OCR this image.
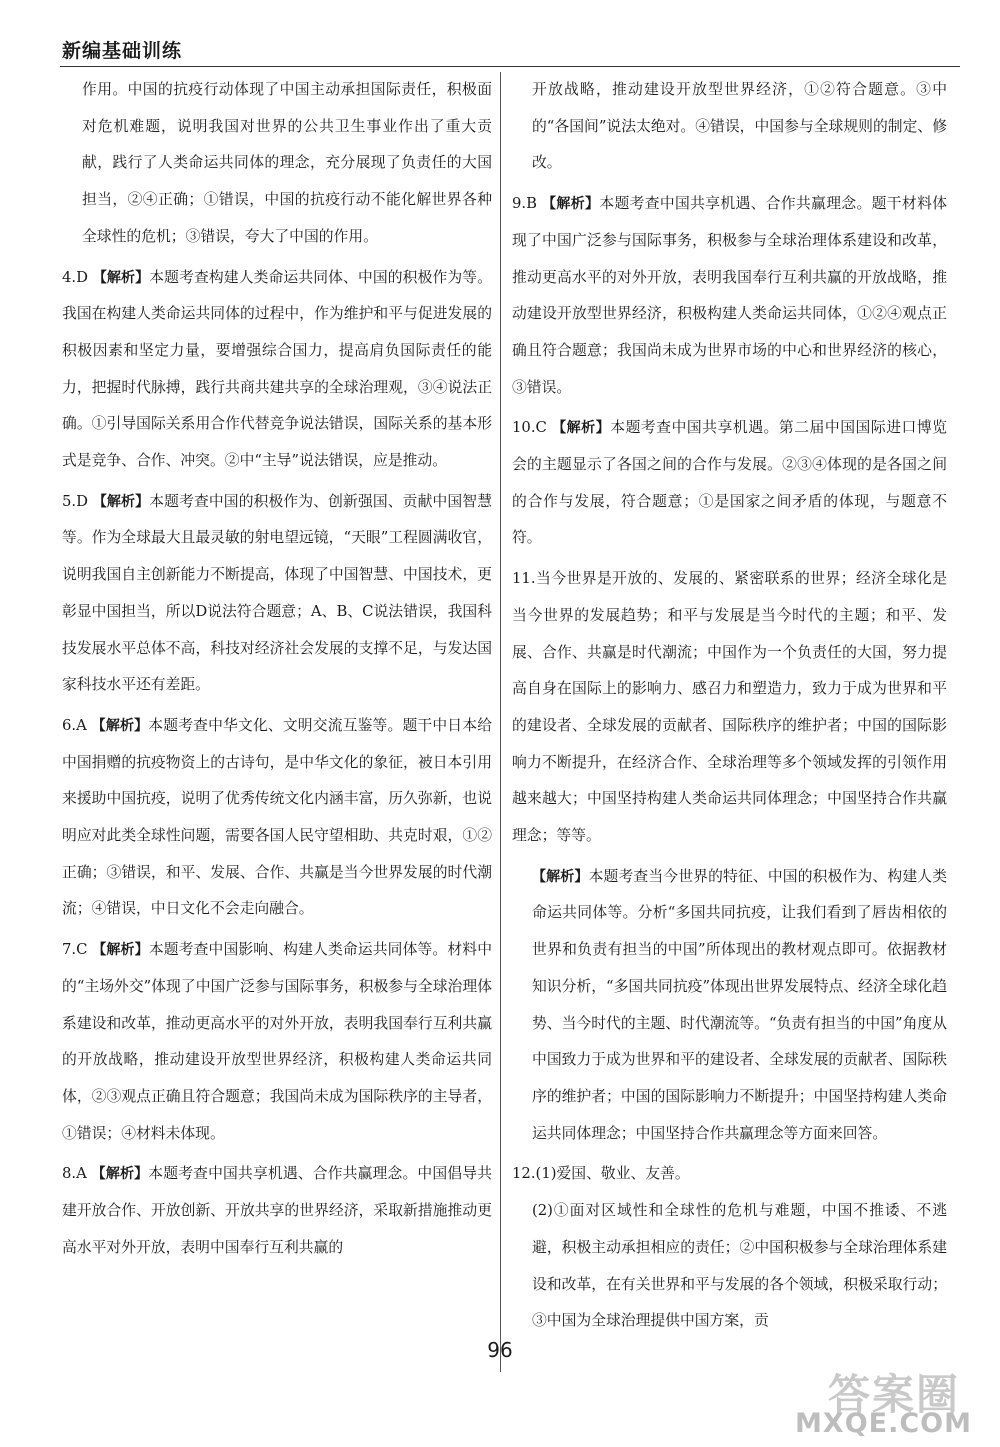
新编基础训练

作用。中国的抗疫行动体现了中国主动承担国际责任，积极面对危机难题，说明我国对世界的公共卫生事业作出了重大贡献，践行了人类命运共同体的理念，充分展现了负责任的大国担当，②④正确；①错误，中国的抗疫行动不能化解世界各种全球性的危机；③错误，夸大了中国的作用。

4.D 【解析】本题考查构建人类命运共同体、中国的积极作为等。我国在构建人类命运共同体的过程中，作为维护和平与促进发展的积极因素和坚定力量，要增强综合国力，提高肩负国际责任的能力，把握时代脉搏，践行共商共建共享的全球治理观，③④说法正确。①引导国际关系用合作代替竞争说法错误，国际关系的基本形式是竞争、合作、冲突。②中“主导”说法错误，应是推动。

5.D 【解析】本题考查中国的积极作为、创新强国、贡献中国智慧等。作为全球最大且最灵敏的射电望远镜，“天眼”工程圆满收官，说明我国自主创新能力不断提高，体现了中国智慧、中国技术，更彰显中国担当，所以D说法符合题意；A、B、C说法错误，我国科技发展水平总体不高，科技对经济社会发展的支撑不足，与发达国家科技水平还有差距。

6.A 【解析】本题考查中华文化、文明交流互鉴等。题干中日本给中国捐赠的抗疫物资上的古诗句，是中华文化的象征，被日本引用来援助中国抗疫，说明了优秀传统文化内涵丰富，历久弥新，也说明应对此类全球性问题，需要各国人民守望相助、共克时艰，①②正确；③错误，和平、发展、合作、共赢是当今世界发展的时代潮流；④错误，中日文化不会走向融合。

7.C 【解析】本题考查中国影响、构建人类命运共同体等。材料中的“主场外交”体现了中国广泛参与国际事务，积极参与全球治理体系建设和改革，推动更高水平的对外开放，表明我国奉行互利共赢的开放战略，推动建设开放型世界经济，积极构建人类命运共同体，②③观点正确且符合题意；我国尚未成为国际秩序的主导者，①错误；④材料未体现。

8.A 【解析】本题考查中国共享机遇、合作共赢理念。中国倡导共建开放合作、开放创新、开放共享的世界经济，采取新措施推动更高水平对外开放，表明中国奉行互利共赢的

开放战略，推动建设开放型世界经济，①②符合题意。③中的“各国间”说法太绝对。④错误，中国参与全球规则的制定、修改。

9.B 【解析】本题考查中国共享机遇、合作共赢理念。题干材料体现了中国广泛参与国际事务，积极参与全球治理体系建设和改革，推动更高水平的对外开放，表明我国奉行互利共赢的开放战略，推动建设开放型世界经济，积极构建人类命运共同体，①②④观点正确且符合题意；我国尚未成为世界市场的中心和世界经济的核心，③错误。

10.C 【解析】本题考查中国共享机遇。第二届中国国际进口博览会的主题显示了各国之间的合作与发展。②③④体现的是各国之间的合作与发展，符合题意；①是国家之间矛盾的体现，与题意不符。

11.当今世界是开放的、发展的、紧密联系的世界；经济全球化是当今世界的发展趋势；和平与发展是当今时代的主题；和平、发展、合作、共赢是时代潮流；中国作为一个负责任的大国，努力提高自身在国际上的影响力、感召力和塑造力，致力于成为世界和平的建设者、全球发展的贡献者、国际秩序的维护者；中国的国际影响力不断提升，在经济合作、全球治理等多个领域发挥的引领作用越来越大；中国坚持构建人类命运共同体理念；中国坚持合作共赢理念；等等。

【解析】本题考查当今世界的特征、中国的积极作为、构建人类命运共同体等。分析“多国共同抗疫，让我们看到了唇齿相依的世界和负责有担当的中国”所体现出的教材观点即可。依据教材知识分析，“多国共同抗疫”体现出世界发展特点、经济全球化趋势、当今时代的主题、时代潮流等。“负责有担当的中国”角度从中国致力于成为世界和平的建设者、全球发展的贡献者、国际秩序的维护者；中国的国际影响力不断提升；中国坚持构建人类命运共同体理念；中国坚持合作共赢理念等方面来回答。

12.(1)爱国、敬业、友善。

(2)①面对区域性和全球性的危机与难题，中国不推诿、不逃避，积极主动承担相应的责任；②中国积极参与全球治理体系建设和改革，在有关世界和平与发展的各个领域，积极采取行动；③中国为全球治理提供中国方案，贡

96
答案圈
MXQE.COM
